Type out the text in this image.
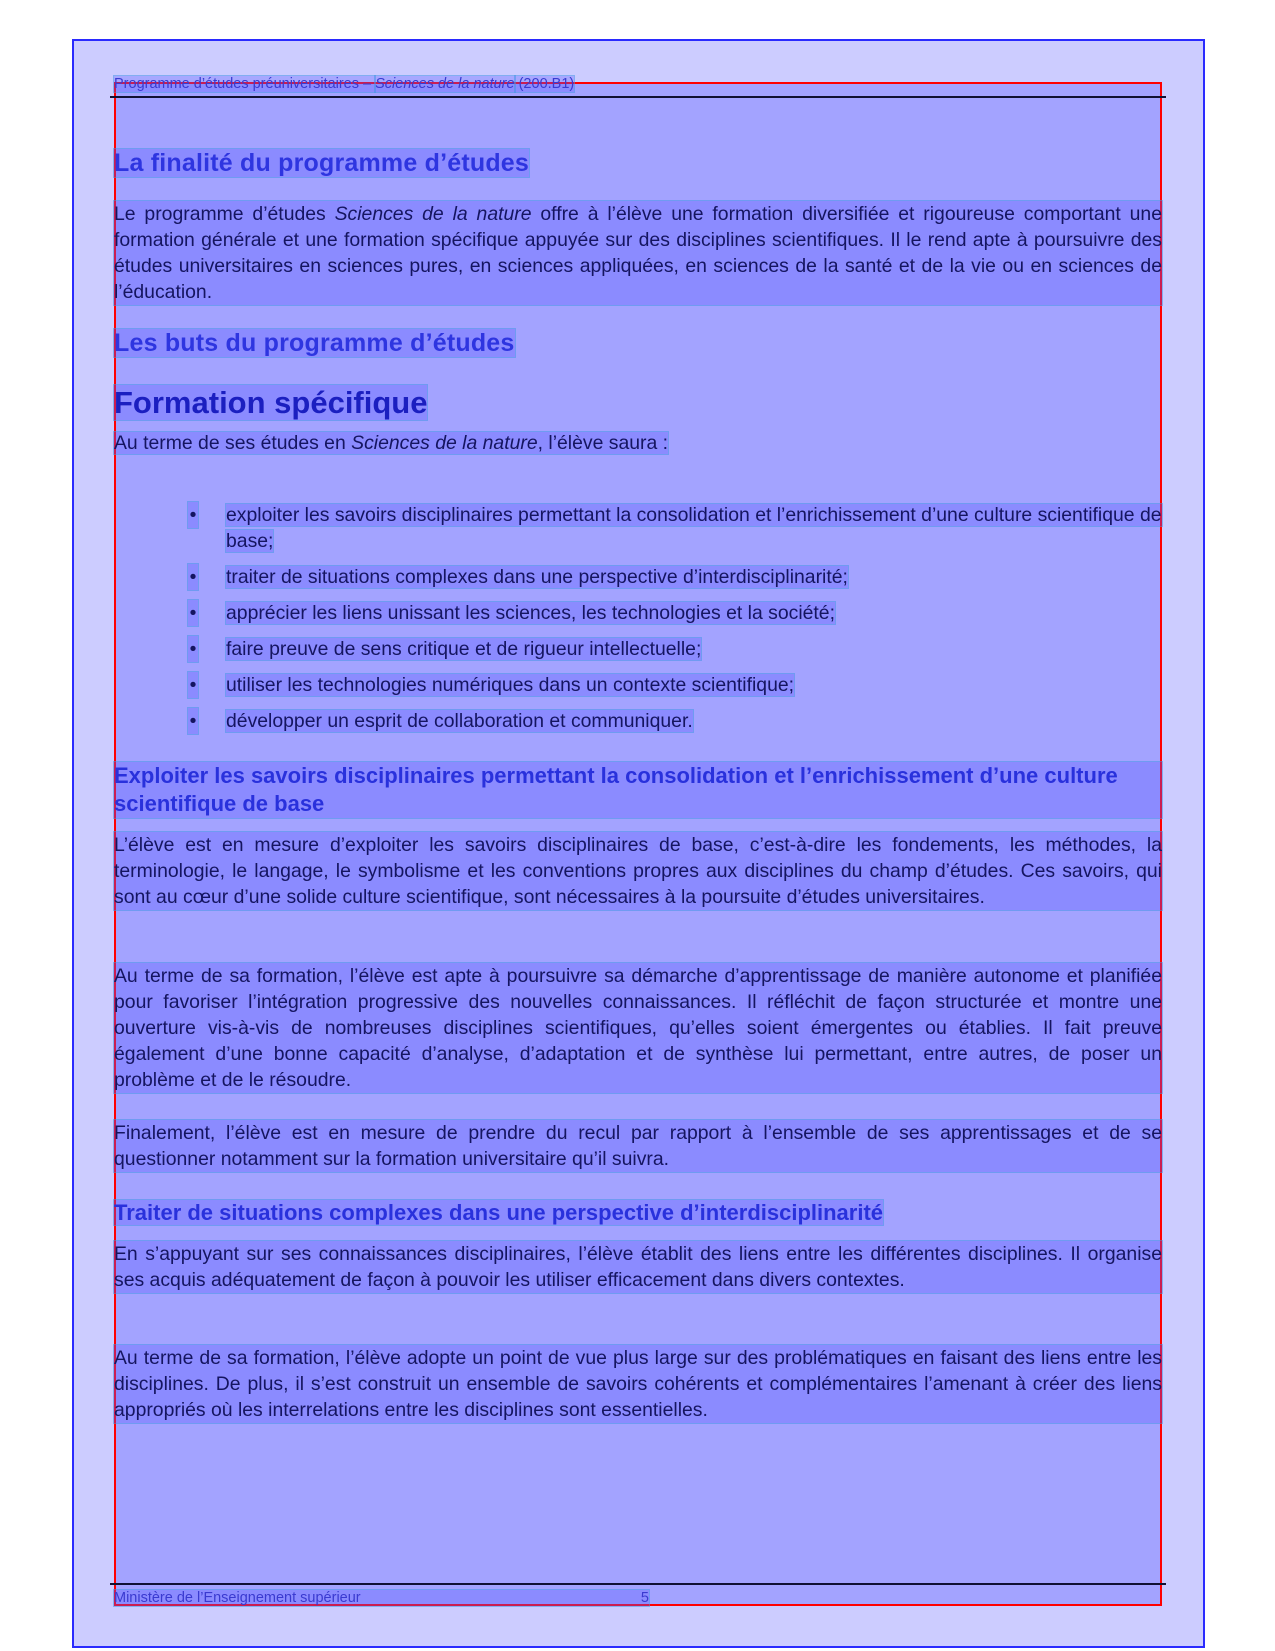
Programme d’études préuniversitaires – Sciences de la nature (200.B1)
La finalité du programme d’études

Le programme d’études Sciences de la nature offre à l’élève une formation diversifiée et rigoureuse comportant une formation générale et une formation spécifique appuyée sur des disciplines scientifiques. Il le rend apte à poursuivre des études universitaires en sciences pures, en sciences appliquées, en sciences de la santé et de la vie ou en sciences de l’éducation.

Les buts du programme d’études
Formation spécifique

Au terme de ses études en Sciences de la nature, l’élève saura :

• exploiter les savoirs disciplinaires permettant la consolidation et l’enrichissement d’une culture scientifique de base;
• traiter de situations complexes dans une perspective d’interdisciplinarité;
• apprécier les liens unissant les sciences, les technologies et la société;
• faire preuve de sens critique et de rigueur intellectuelle;
• utiliser les technologies numériques dans un contexte scientifique;
• développer un esprit de collaboration et communiquer.
Exploiter les savoirs disciplinaires permettant la consolidation et l’enrichissement d’une culture scientifique de base

L’élève est en mesure d’exploiter les savoirs disciplinaires de base, c’est-à-dire les fondements, les méthodes, la terminologie, le langage, le symbolisme et les conventions propres aux disciplines du champ d’études. Ces savoirs, qui sont au cœur d’une solide culture scientifique, sont nécessaires à la poursuite d’études universitaires.

Au terme de sa formation, l’élève est apte à poursuivre sa démarche d’apprentissage de manière autonome et planifiée pour favoriser l’intégration progressive des nouvelles connaissances. Il réfléchit de façon structurée et montre une ouverture vis-à-vis de nombreuses disciplines scientifiques, qu’elles soient émergentes ou établies. Il fait preuve également d’une bonne capacité d’analyse, d’adaptation et de synthèse lui permettant, entre autres, de poser un problème et de le résoudre.

Finalement, l’élève est en mesure de prendre du recul par rapport à l’ensemble de ses apprentissages et de se questionner notamment sur la formation universitaire qu’il suivra.

Traiter de situations complexes dans une perspective d’interdisciplinarité

En s’appuyant sur ses connaissances disciplinaires, l’élève établit des liens entre les différentes disciplines. Il organise ses acquis adéquatement de façon à pouvoir les utiliser efficacement dans divers contextes.

Au terme de sa formation, l’élève adopte un point de vue plus large sur des problématiques en faisant des liens entre les disciplines. De plus, il s’est construit un ensemble de savoirs cohérents et complémentaires l’amenant à créer des liens appropriés où les interrelations entre les disciplines sont essentielles.

Ministère de l’Enseignement supérieur	5
